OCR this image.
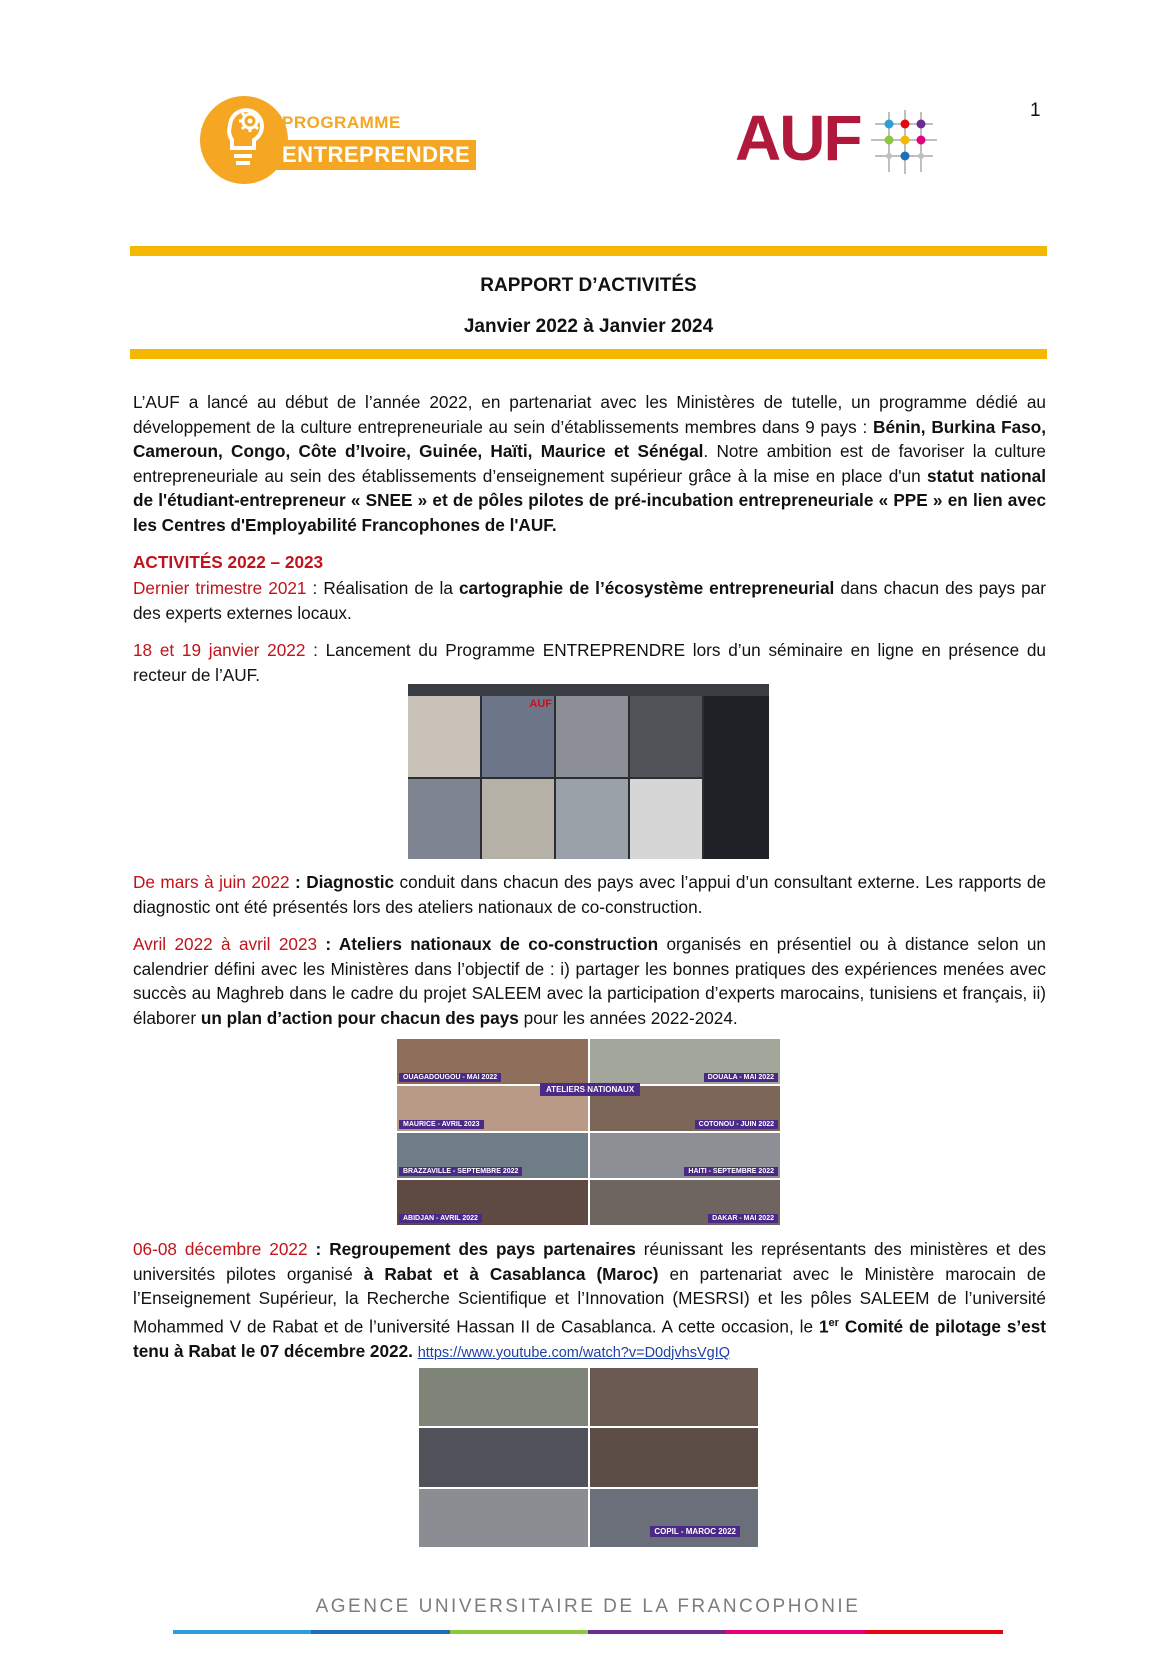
1
PROGRAMME
ENTREPRENDRE	AUF
RAPPORT D’ACTIVITÉS
Janvier 2022 à Janvier 2024
L’AUF a lancé au début de l’année 2022, en partenariat avec les Ministères de tutelle, un programme dédié au développement de la culture entrepreneuriale au sein d’établissements membres dans 9 pays : Bénin, Burkina Faso, Cameroun, Congo, Côte d’Ivoire, Guinée, Haïti, Maurice et Sénégal. Notre ambition est de favoriser la culture entrepreneuriale au sein des établissements d’enseignement supérieur grâce à la mise en place d'un statut national de l'étudiant-entrepreneur « SNEE » et de pôles pilotes de pré-incubation entrepreneuriale « PPE » en lien avec les Centres d'Employabilité Francophones de l'AUF.
ACTIVITÉS 2022 – 2023
Dernier trimestre 2021 : Réalisation de la cartographie de l’écosystème entrepreneurial dans chacun des pays par des experts externes locaux.
18 et 19 janvier 2022 : Lancement du Programme ENTREPRENDRE lors d’un séminaire en ligne en présence du recteur de l’AUF.
AUF
De mars à juin 2022 : Diagnostic conduit dans chacun des pays avec l’appui d’un consultant externe. Les rapports de diagnostic ont été présentés lors des ateliers nationaux de co-construction.
Avril 2022 à avril 2023 : Ateliers nationaux de co-construction organisés en présentiel ou à distance selon un calendrier défini avec les Ministères dans l’objectif de : i) partager les bonnes pratiques des expériences menées avec succès au Maghreb dans le cadre du projet SALEEM avec la participation d’experts marocains, tunisiens et français, ii) élaborer un plan d’action pour chacun des pays pour les années 2022-2024.
OUAGADOUGOU - MAI 2022	DOUALA - MAI 2022
MAURICE - AVRIL 2023	COTONOU - JUIN 2022
BRAZZAVILLE - SEPTEMBRE 2022	HAITI - SEPTEMBRE 2022
ABIDJAN - AVRIL 2022	DAKAR - MAI 2022
ATELIERS NATIONAUX
06-08 décembre 2022 : Regroupement des pays partenaires réunissant les représentants des ministères et des universités pilotes organisé à Rabat et à Casablanca (Maroc) en partenariat avec le Ministère marocain de l’Enseignement Supérieur, la Recherche Scientifique et l’Innovation (MESRSI) et les pôles SALEEM de l’université Mohammed V de Rabat et de l’université Hassan II de Casablanca. A cette occasion, le 1er Comité de pilotage s’est tenu à Rabat le 07 décembre 2022. https://www.youtube.com/watch?v=D0djvhsVgIQ
COPIL - MAROC 2022
AGENCE UNIVERSITAIRE DE LA FRANCOPHONIE
